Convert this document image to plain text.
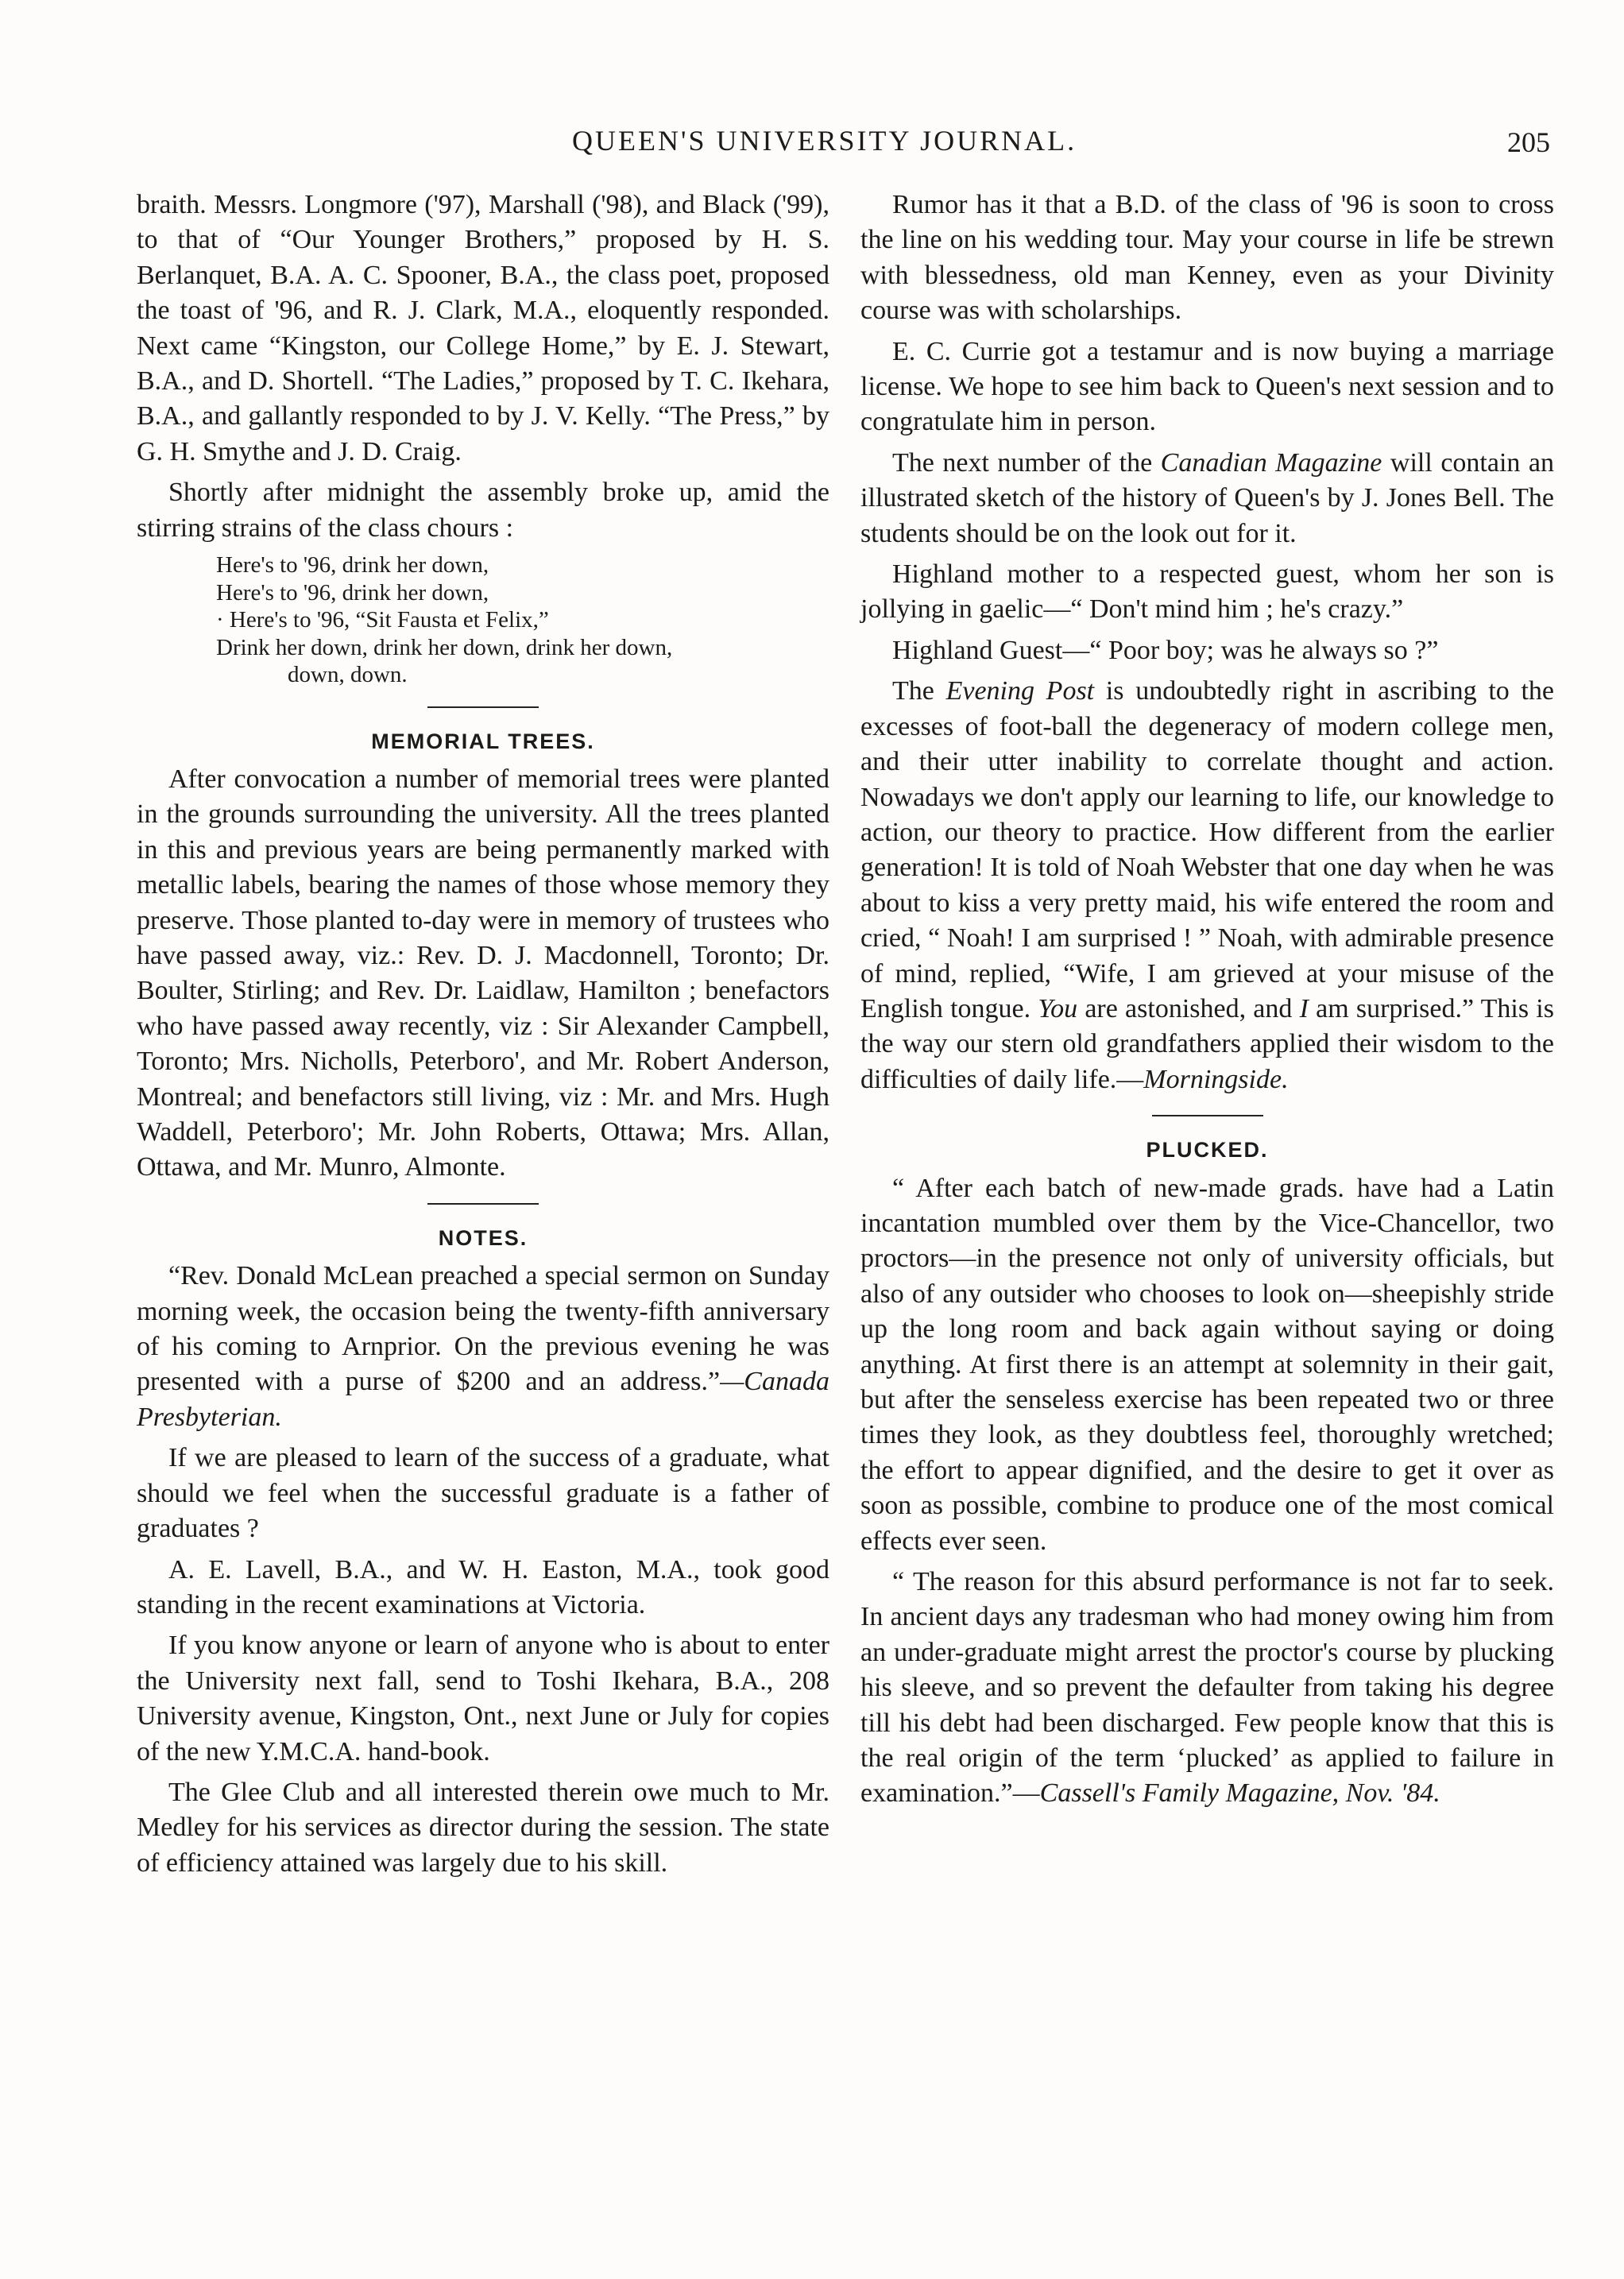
QUEEN'S UNIVERSITY JOURNAL.	205

braith. Messrs. Longmore ('97), Marshall ('98), and Black ('99), to that of “Our Younger Brothers,” proposed by H. S. Berlanquet, B.A. A. C. Spooner, B.A., the class poet, proposed the toast of '96, and R. J. Clark, M.A., eloquently responded. Next came “Kingston, our College Home,” by E. J. Stewart, B.A., and D. Shortell. “The Ladies,” proposed by T. C. Ikehara, B.A., and gallantly responded to by J. V. Kelly. “The Press,” by G. H. Smythe and J. D. Craig.

Shortly after midnight the assembly broke up, amid the stirring strains of the class chours :

Here's to '96, drink her down,
Here's to '96, drink her down,
· Here's to '96, “Sit Fausta et Felix,”
Drink her down, drink her down, drink her down,
down, down.
MEMORIAL TREES.

After convocation a number of memorial trees were planted in the grounds surrounding the university. All the trees planted in this and previous years are being permanently marked with metallic labels, bearing the names of those whose memory they preserve. Those planted to-day were in memory of trustees who have passed away, viz.: Rev. D. J. Macdonnell, Toronto; Dr. Boulter, Stirling; and Rev. Dr. Laidlaw, Hamilton ; benefactors who have passed away recently, viz : Sir Alexander Campbell, Toronto; Mrs. Nicholls, Peterboro', and Mr. Robert Anderson, Montreal; and benefactors still living, viz : Mr. and Mrs. Hugh Waddell, Peterboro'; Mr. John Roberts, Ottawa; Mrs. Allan, Ottawa, and Mr. Munro, Almonte.

NOTES.

“Rev. Donald McLean preached a special sermon on Sunday morning week, the occasion being the twenty-fifth anniversary of his coming to Arnprior. On the previous evening he was presented with a purse of $200 and an address.”—Canada Presbyterian.

If we are pleased to learn of the success of a graduate, what should we feel when the successful graduate is a father of graduates ?

A. E. Lavell, B.A., and W. H. Easton, M.A., took good standing in the recent examinations at Victoria.

If you know anyone or learn of anyone who is about to enter the University next fall, send to Toshi Ikehara, B.A., 208 University avenue, Kingston, Ont., next June or July for copies of the new Y.M.C.A. hand-book.

The Glee Club and all interested therein owe much to Mr. Medley for his services as director during the session. The state of efficiency attained was largely due to his skill.

Rumor has it that a B.D. of the class of '96 is soon to cross the line on his wedding tour. May your course in life be strewn with blessedness, old man Kenney, even as your Divinity course was with scholarships.

E. C. Currie got a testamur and is now buying a marriage license. We hope to see him back to Queen's next session and to congratulate him in person.

The next number of the Canadian Magazine will contain an illustrated sketch of the history of Queen's by J. Jones Bell. The students should be on the look out for it.

Highland mother to a respected guest, whom her son is jollying in gaelic—“ Don't mind him ; he's crazy.”

Highland Guest—“ Poor boy; was he always so ?”

The Evening Post is undoubtedly right in ascribing to the excesses of foot-ball the degeneracy of modern college men, and their utter inability to correlate thought and action. Nowadays we don't apply our learning to life, our knowledge to action, our theory to practice. How different from the earlier generation! It is told of Noah Webster that one day when he was about to kiss a very pretty maid, his wife entered the room and cried, “ Noah! I am surprised ! ” Noah, with admirable presence of mind, replied, “Wife, I am grieved at your misuse of the English tongue. You are astonished, and I am surprised.” This is the way our stern old grandfathers applied their wisdom to the difficulties of daily life.—Morningside.

PLUCKED.

“ After each batch of new-made grads. have had a Latin incantation mumbled over them by the Vice-Chancellor, two proctors—in the presence not only of university officials, but also of any outsider who chooses to look on—sheepishly stride up the long room and back again without saying or doing anything. At first there is an attempt at solemnity in their gait, but after the senseless exercise has been repeated two or three times they look, as they doubtless feel, thoroughly wretched; the effort to appear dignified, and the desire to get it over as soon as possible, combine to produce one of the most comical effects ever seen.

“ The reason for this absurd performance is not far to seek. In ancient days any tradesman who had money owing him from an under-graduate might arrest the proctor's course by plucking his sleeve, and so prevent the defaulter from taking his degree till his debt had been discharged. Few people know that this is the real origin of the term ‘plucked’ as applied to failure in examination.”—Cassell's Family Magazine, Nov. '84.
